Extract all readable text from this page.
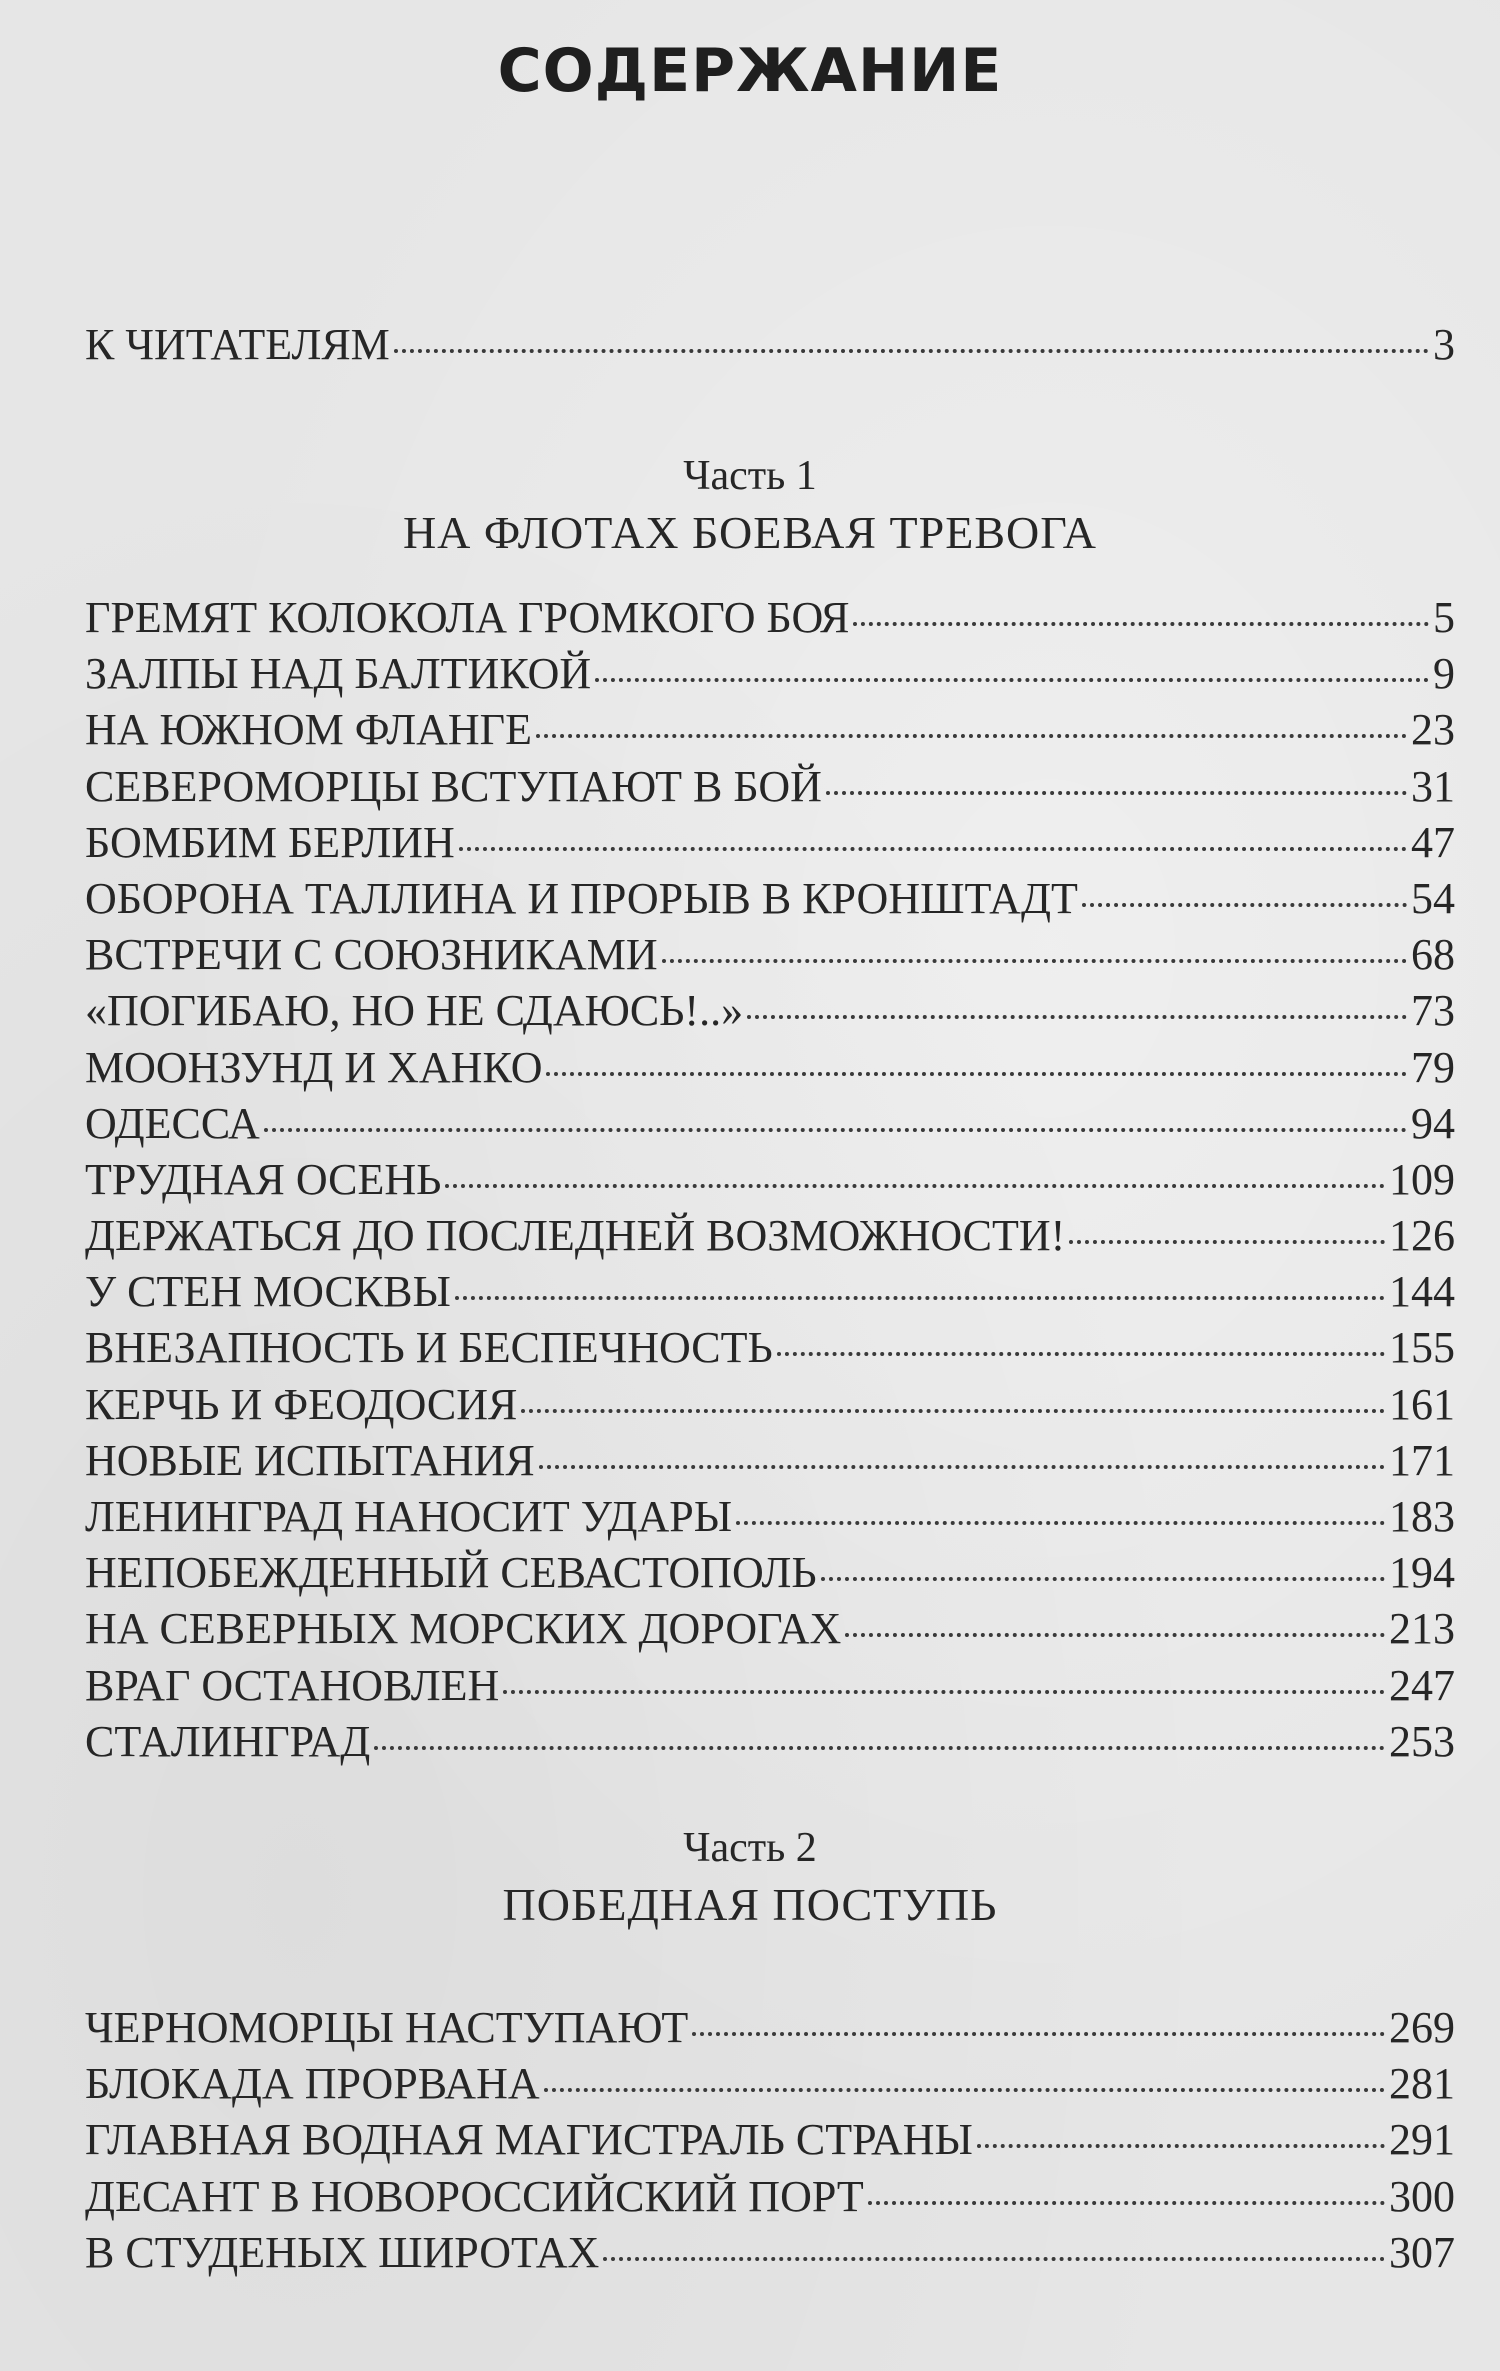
СОДЕРЖАНИЕ
К ЧИТАТЕЛЯМ	3
Часть 1
НА ФЛОТАХ БОЕВАЯ ТРЕВОГА
ГРЕМЯТ КОЛОКОЛА ГРОМКОГО БОЯ	5
ЗАЛПЫ НАД БАЛТИКОЙ	9
НА ЮЖНОМ ФЛАНГЕ	23
СЕВЕРОМОРЦЫ ВСТУПАЮТ В БОЙ	31
БОМБИМ БЕРЛИН	47
ОБОРОНА ТАЛЛИНА И ПРОРЫВ В КРОНШТАДТ	54
ВСТРЕЧИ С СОЮЗНИКАМИ	68
«ПОГИБАЮ, НО НЕ СДАЮСЬ!..»	73
МООНЗУНД И ХАНКО	79
ОДЕССА	94
ТРУДНАЯ ОСЕНЬ	109
ДЕРЖАТЬСЯ ДО ПОСЛЕДНЕЙ ВОЗМОЖНОСТИ!	126
У СТЕН МОСКВЫ	144
ВНЕЗАПНОСТЬ И БЕСПЕЧНОСТЬ	155
КЕРЧЬ И ФЕОДОСИЯ	161
НОВЫЕ ИСПЫТАНИЯ	171
ЛЕНИНГРАД НАНОСИТ УДАРЫ	183
НЕПОБЕЖДЕННЫЙ СЕВАСТОПОЛЬ	194
НА СЕВЕРНЫХ МОРСКИХ ДОРОГАХ	213
ВРАГ ОСТАНОВЛЕН	247
СТАЛИНГРАД	253
Часть 2
ПОБЕДНАЯ ПОСТУПЬ
ЧЕРНОМОРЦЫ НАСТУПАЮТ	269
БЛОКАДА ПРОРВАНА	281
ГЛАВНАЯ ВОДНАЯ МАГИСТРАЛЬ СТРАНЫ	291
ДЕСАНТ В НОВОРОССИЙСКИЙ ПОРТ	300
В СТУДЕНЫХ ШИРОТАХ	307
